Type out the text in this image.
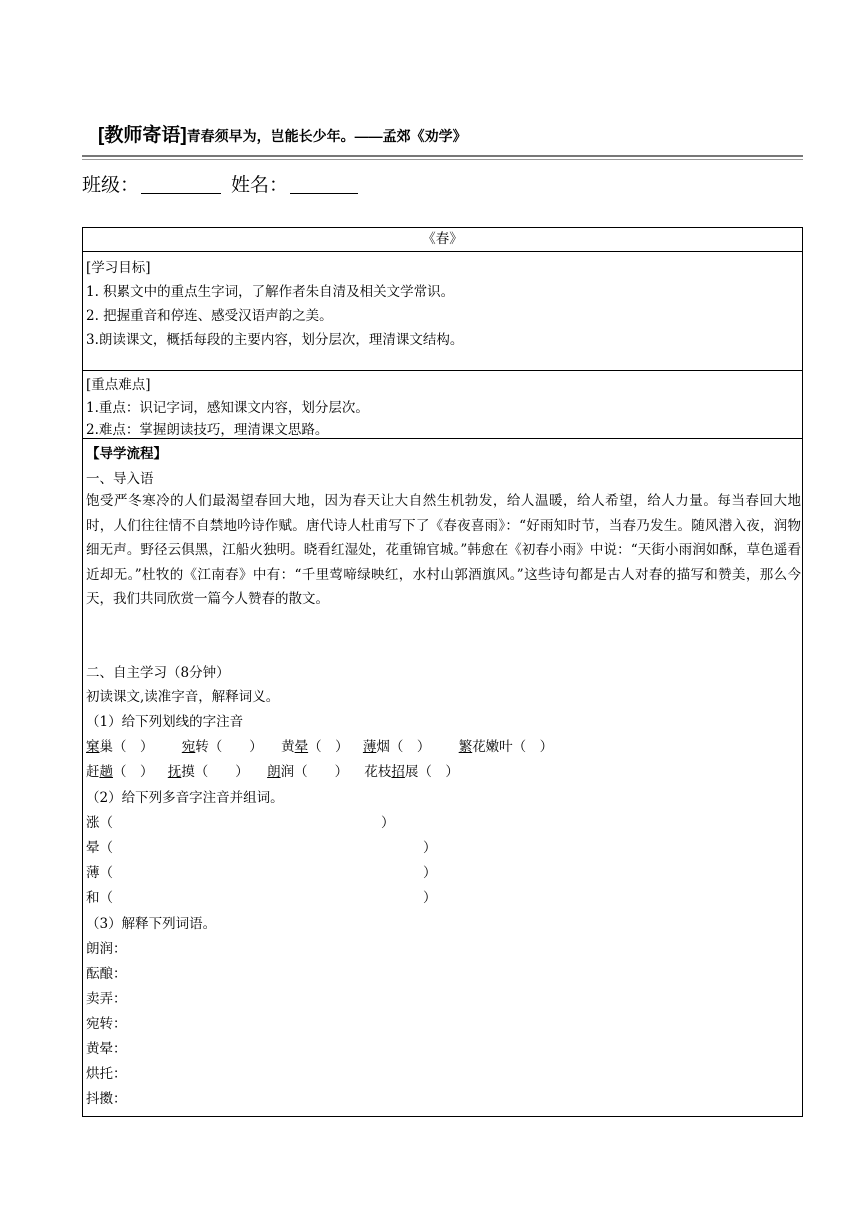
[教师寄语]青春须早为，岂能长少年。——孟郊《劝学》
班级：	姓名：
《春》
[学习目标]
1. 积累文中的重点生字词，了解作者朱自清及相关文学常识。
2. 把握重音和停连、感受汉语声韵之美。
3.朗读课文，概括每段的主要内容，划分层次，理清课文结构。
[重点难点]
1.重点：识记字词，感知课文内容，划分层次。
2.难点：掌握朗读技巧，理清课文思路。
【导学流程】
一、导入语
饱受严冬寒冷的人们最渴望春回大地，因为春天让大自然生机勃发，给人温暖，给人希望，给人力量。每当春回大地时，人们往往情不自禁地吟诗作赋。唐代诗人杜甫写下了《春夜喜雨》：“好雨知时节，当春乃发生。随风潜入夜，润物细无声。野径云俱黑，江船火独明。晓看红湿处，花重锦官城。”韩愈在《初春小雨》中说：“天街小雨润如酥，草色遥看近却无。”杜牧的《江南春》中有：“千里莺啼绿映红，水村山郭酒旗风。”这些诗句都是古人对春的描写和赞美，那么今天，我们共同欣赏一篇今人赞春的散文。
二、自主学习（8分钟）
初读课文,读准字音，解释词义。
（1）给下列划线的字注音
窠巢（　） 宛转（　　） 黄晕（　） 薄烟（　） 繁花嫩叶（　）
赶趟（　） 抚摸（　　） 朗润（　　） 花枝招展（　）
（2）给下列多音字注音并组词。
涨（	）
晕（	）
薄（	）
和（	）
（3）解释下列词语。
朗润：
酝酿：
卖弄：
宛转：
黄晕：
烘托：
抖擞：
